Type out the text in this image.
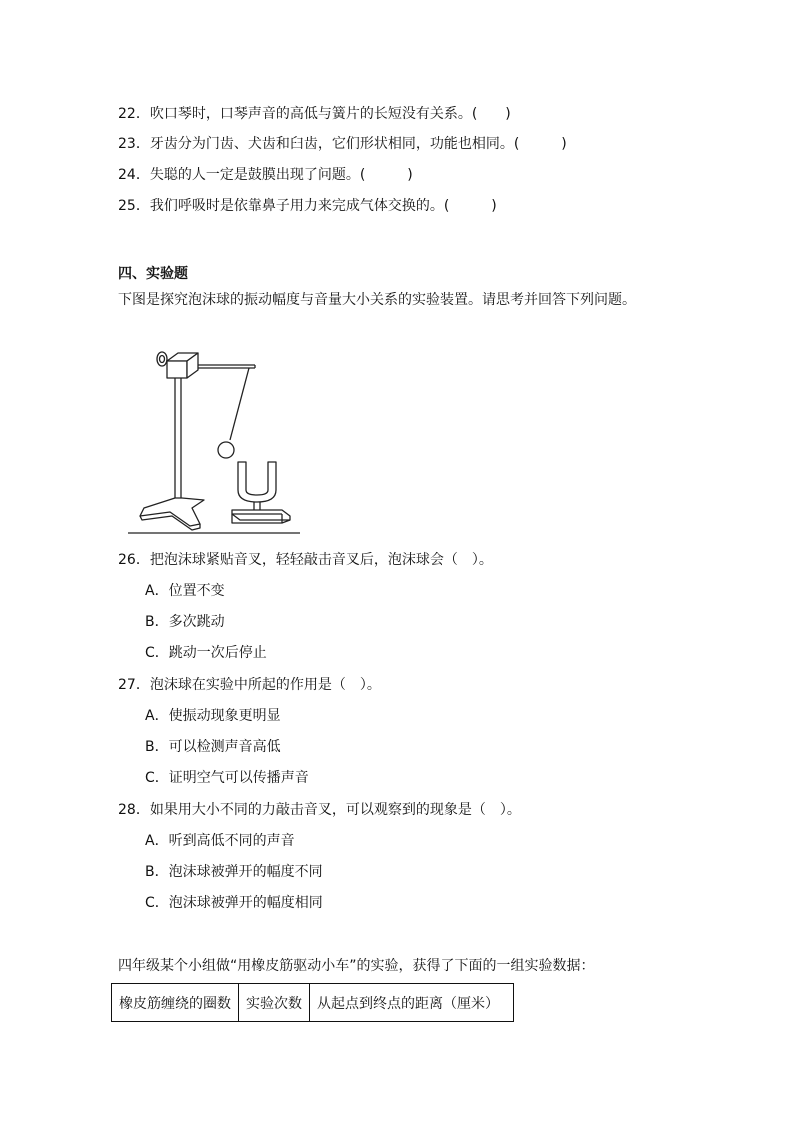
22．吹口琴时，口琴声音的高低与簧片的长短没有关系。(　　)
23．牙齿分为门齿、犬齿和臼齿，它们形状相同，功能也相同。(　　　)
24．失聪的人一定是鼓膜出现了问题。(　　　)
25．我们呼吸时是依靠鼻子用力来完成气体交换的。(　　　)
四、实验题
下图是探究泡沫球的振动幅度与音量大小关系的实验装置。请思考并回答下列问题。
26．把泡沫球紧贴音叉，轻轻敲击音叉后，泡沫球会（　）。
A．位置不变
B．多次跳动
C．跳动一次后停止
27．泡沫球在实验中所起的作用是（　）。
A．使振动现象更明显
B．可以检测声音高低
C．证明空气可以传播声音
28．如果用大小不同的力敲击音叉，可以观察到的现象是（　）。
A．听到高低不同的声音
B．泡沫球被弹开的幅度不同
C．泡沫球被弹开的幅度相同
四年级某个小组做“用橡皮筋驱动小车”的实验，获得了下面的一组实验数据：
橡皮筋缠绕的圈数	实验次数	从起点到终点的距离（厘米）
